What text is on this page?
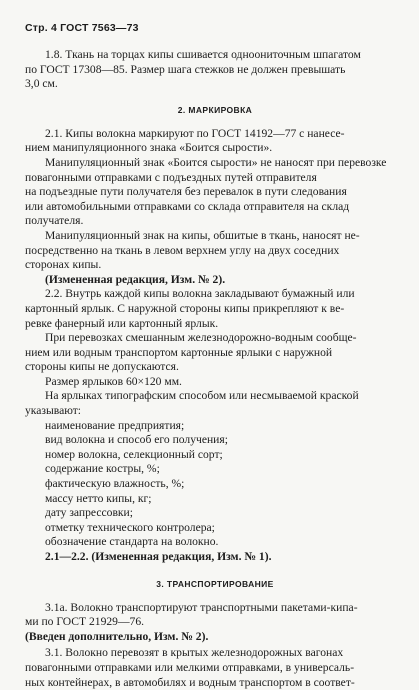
Стр. 4 ГОСТ 7563—73

1.8. Ткань на торцах кипы сшивается одноониточным шпагатом

по ГОСТ 17308—85. Размер шага стежков не должен превышать

3,0 см.

2. МАРКИРОВКА

2.1. Кипы волокна маркируют по ГОСТ 14192—77 с нанесе-

нием манипуляционного знака «Боится сырости».

Манипуляционный знак «Боится сырости» не наносят при перевозке

повагонными отправками с подъездных путей отправителя

на подъездные пути получателя без перевалок в пути следования

или автомобильными отправками со склада отправителя на склад

получателя.

Манипуляционный знак на кипы, обшитые в ткань, наносят не-

посредственно на ткань в левом верхнем углу на двух соседних

сторонах кипы.

(Измененная редакция, Изм. № 2).

2.2. Внутрь каждой кипы волокна закладывают бумажный или

картонный ярлык. С наружной стороны кипы прикрепляют к ве-

ревке фанерный или картонный ярлык.

При перевозках смешанным железнодорожно-водным сообще-

нием или водным транспортом картонные ярлыки с наружной

стороны кипы не допускаются.

Размер ярлыков 60×120 мм.

На ярлыках типографским способом или несмываемой краской

указывают:

наименование предприятия;

вид волокна и способ его получения;

номер волокна, селекционный сорт;

содержание костры, %;

фактическую влажность, %;

массу нетто кипы, кг;

дату запрессовки;

отметку технического контролера;

обозначение стандарта на волокно.

2.1—2.2. (Измененная редакция, Изм. № 1).

3. ТРАНСПОРТИРОВАНИЕ

3.1а. Волокно транспортируют транспортными пакетами-кипа-

ми по ГОСТ 21929—76.

(Введен дополнительно, Изм. № 2).

3.1. Волокно перевозят в крытых железнодорожных вагонах

повагонными отправками или мелкими отправками, в универсаль-

ных контейнерах, в автомобилях и водным транспортом в соответ-
